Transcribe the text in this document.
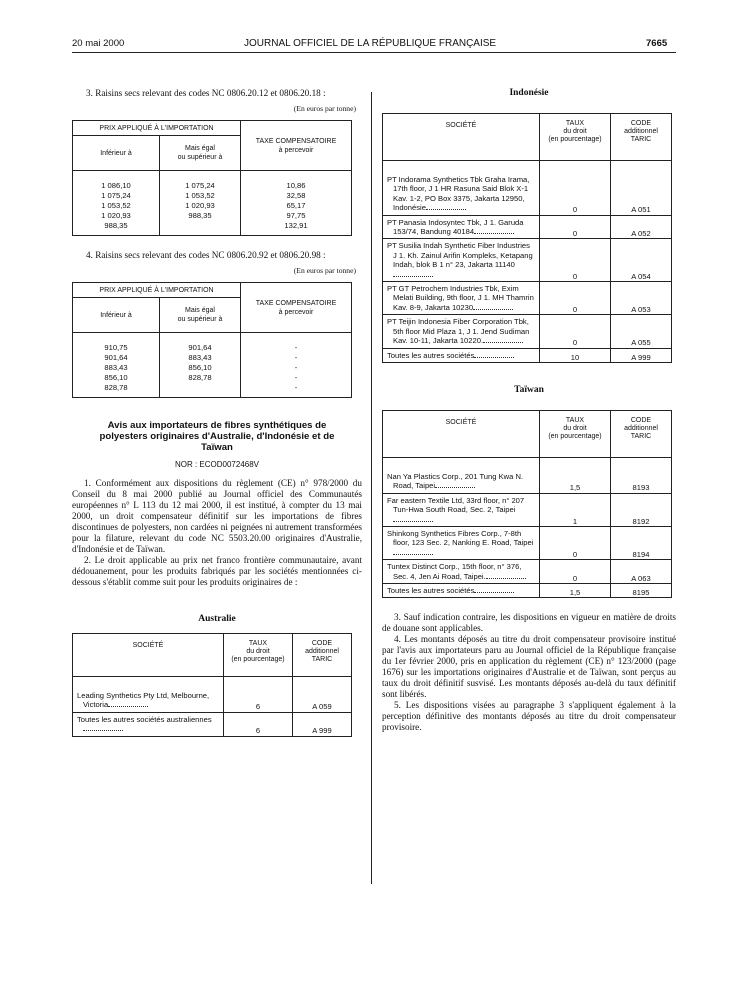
20 mai 2000	JOURNAL OFFICIEL DE LA RÉPUBLIQUE FRANÇAISE	7665
3. Raisins secs relevant des codes NC 0806.20.12 et 0806.20.18 :
(En euros par tonne)
PRIX APPLIQUÉ À L'IMPORTATION		TAXE COMPENSATOIRE
à percevoir
Inférieur à	Mais égal
ou supérieur à	
1 086,10	1 075,24	10,86
1 075,24	1 053,52	32,58
1 053,52	1 020,93	65,17
1 020,93	988,35	97,75
988,35		132,91
4. Raisins secs relevant des codes NC 0806.20.92 et 0806.20.98 :
(En euros par tonne)
PRIX APPLIQUÉ À L'IMPORTATION		TAXE COMPENSATOIRE
à percevoir
Inférieur à	Mais égal
ou supérieur à	
910,75	901,64	-
901,64	883,43	-
883,43	856,10	-
856,10	828,78	-
828,78		-
Avis aux importateurs de fibres synthétiques de polyesters originaires d'Australie, d'Indonésie et de Taïwan
NOR : ECOD0072468V

1. Conformément aux dispositions du règlement (CE) n° 978/2000 du Conseil du 8 mai 2000 publié au Journal officiel des Communautés européennes n° L 113 du 12 mai 2000, il est institué, à compter du 13 mai 2000, un droit compensateur définitif sur les importations de fibres discontinues de polyesters, non cardées ni peignées ni autrement transformées pour la filature, relevant du code NC 5503.20.00 originaires d'Australie, d'Indonésie et de Taïwan.

2. Le droit applicable au prix net franco frontière communautaire, avant dédouanement, pour les produits fabriqués par les sociétés mentionnées ci-dessous s'établit comme suit pour les produits originaires de :

Australie
SOCIÉTÉ	TAUX
du droit
(en pourcentage)	CODE
additionnel
TARIC
Leading Synthetics Pty Ltd, Melbourne, Victoria	6	A 059
Toutes les autres sociétés australiennes	6	A 999
Indonésie
SOCIÉTÉ	TAUX
du droit
(en pourcentage)	CODE
additionnel
TARIC
PT Indorama Synthetics Tbk Graha Irama, 17th floor, J 1 HR Rasuna Said Blok X-1 Kav. 1-2, PO Box 3375, Jakarta 12950, Indonésie	0	A 051
PT Panasia Indosyntec Tbk, J 1. Garuda 153/74, Bandung 40184	0	A 052
PT Susilia Indah Synthetic Fiber Industries J 1. Kh. Zainul Arifin Kompleks, Ketapang Indah, blok B 1 n° 23, Jakarta 11140	0	A 054
PT GT Petrochem Industries Tbk, Exim Melati Building, 9th floor, J 1. MH Thamrin Kav. 8-9, Jakarta 10230	0	A 053
PT Teijin Indonesia Fiber Corporation Tbk, 5th floor Mid Plaza 1, J 1. Jend Sudiman Kav. 10-11, Jakarta 10220.	0	A 055
Toutes les autres sociétés	10	A 999
Taïwan
SOCIÉTÉ	TAUX
du droit
(en pourcentage)	CODE
additionnel
TARIC
Nan Ya Plastics Corp., 201 Tung Kwa N. Road, Taipei	1,5	8193
Far eastern Textile Ltd, 33rd floor, n° 207 Tun-Hwa South Road, Sec. 2, Taipei	1	8192
Shinkong Synthetics Fibres Corp., 7-8th floor, 123 Sec. 2, Nanking E. Road, Taipei	0	8194
Tuntex Distinct Corp., 15th floor, n° 376, Sec. 4, Jen Ai Road, Taipei.	0	A 063
Toutes les autres sociétés	1,5	8195

3. Sauf indication contraire, les dispositions en vigueur en matière de droits de douane sont applicables.

4. Les montants déposés au titre du droit compensateur provisoire institué par l'avis aux importateurs paru au Journal officiel de la République française du 1er février 2000, pris en application du règlement (CE) n° 123/2000 (page 1676) sur les importations originaires d'Australie et de Taïwan, sont perçus au taux du droit définitif susvisé. Les montants déposés au-delà du taux définitif sont libérés.

5. Les dispositions visées au paragraphe 3 s'appliquent également à la perception définitive des montants déposés au titre du droit compensateur provisoire.
